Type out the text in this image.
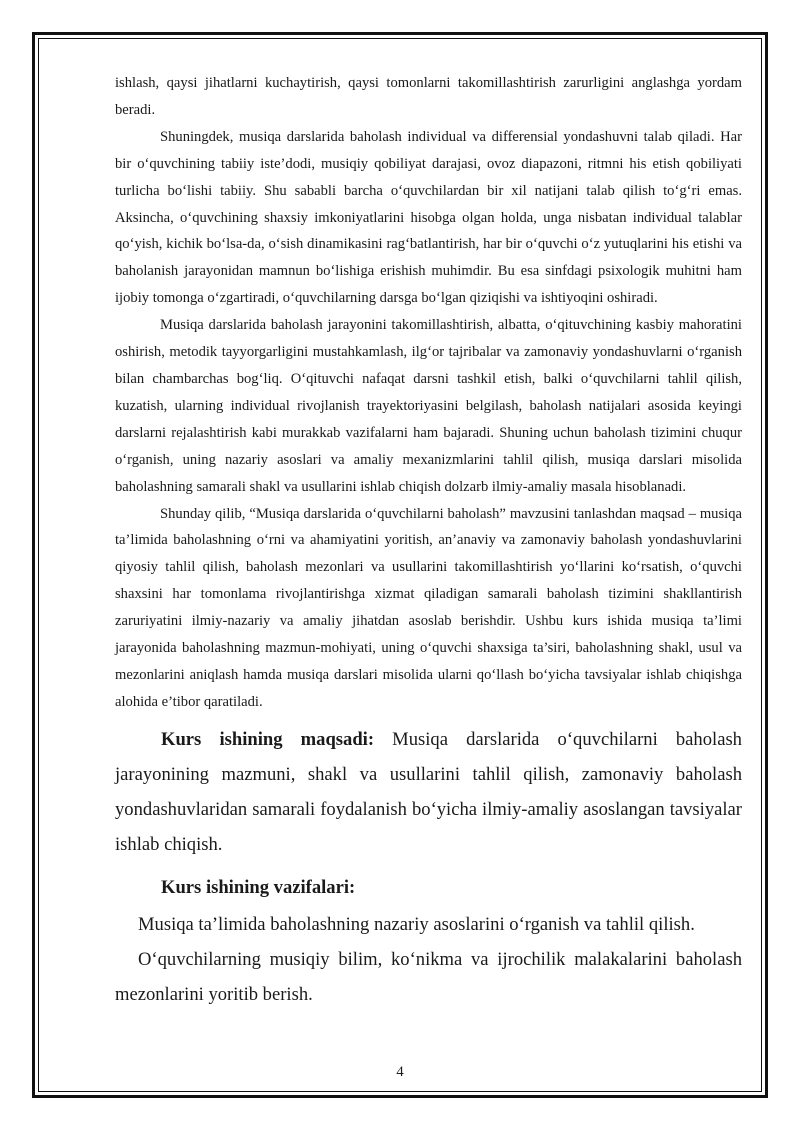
ishlash, qaysi jihatlarni kuchaytirish, qaysi tomonlarni takomillashtirish zarurligini anglashga yordam beradi.

Shuningdek, musiqa darslarida baholash individual va differensial yondashuvni talab qiladi. Har bir o‘quvchining tabiiy iste’dodi, musiqiy qobiliyat darajasi, ovoz diapazoni, ritmni his etish qobiliyati turlicha bo‘lishi tabiiy. Shu sababli barcha o‘quvchilardan bir xil natijani talab qilish to‘g‘ri emas. Aksincha, o‘quvchining shaxsiy imkoniyatlarini hisobga olgan holda, unga nisbatan individual talablar qo‘yish, kichik bo‘lsa-da, o‘sish dinamikasini rag‘batlantirish, har bir o‘quvchi o‘z yutuqlarini his etishi va baholanish jarayonidan mamnun bo‘lishiga erishish muhimdir. Bu esa sinfdagi psixologik muhitni ham ijobiy tomonga o‘zgartiradi, o‘quvchilarning darsga bo‘lgan qiziqishi va ishtiyoqini oshiradi.

Musiqa darslarida baholash jarayonini takomillashtirish, albatta, o‘qituvchining kasbiy mahoratini oshirish, metodik tayyorgarligini mustahkamlash, ilg‘or tajribalar va zamonaviy yondashuvlarni o‘rganish bilan chambarchas bog‘liq. O‘qituvchi nafaqat darsni tashkil etish, balki o‘quvchilarni tahlil qilish, kuzatish, ularning individual rivojlanish trayektoriyasini belgilash, baholash natijalari asosida keyingi darslarni rejalashtirish kabi murakkab vazifalarni ham bajaradi. Shuning uchun baholash tizimini chuqur o‘rganish, uning nazariy asoslari va amaliy mexanizmlarini tahlil qilish, musiqa darslari misolida baholashning samarali shakl va usullarini ishlab chiqish dolzarb ilmiy-amaliy masala hisoblanadi.

Shunday qilib, “Musiqa darslarida o‘quvchilarni baholash” mavzusini tanlashdan maqsad – musiqa ta’limida baholashning o‘rni va ahamiyatini yoritish, an’anaviy va zamonaviy baholash yondashuvlarini qiyosiy tahlil qilish, baholash mezonlari va usullarini takomillashtirish yo‘llarini ko‘rsatish, o‘quvchi shaxsini har tomonlama rivojlantirishga xizmat qiladigan samarali baholash tizimini shakllantirish zaruriyatini ilmiy-nazariy va amaliy jihatdan asoslab berishdir. Ushbu kurs ishida musiqa ta’limi jarayonida baholashning mazmun-mohiyati, uning o‘quvchi shaxsiga ta’siri, baholashning shakl, usul va mezonlarini aniqlash hamda musiqa darslari misolida ularni qo‘llash bo‘yicha tavsiyalar ishlab chiqishga alohida e’tibor qaratiladi.

Kurs ishining maqsadi: Musiqa darslarida o‘quvchilarni baholash jarayonining mazmuni, shakl va usullarini tahlil qilish, zamonaviy baholash yondashuvlaridan samarali foydalanish bo‘yicha ilmiy-amaliy asoslangan tavsiyalar ishlab chiqish.

Kurs ishining vazifalari:

Musiqa ta’limida baholashning nazariy asoslarini o‘rganish va tahlil qilish.

O‘quvchilarning musiqiy bilim, ko‘nikma va ijrochilik malakalarini baholash mezonlarini yoritib berish.

4
